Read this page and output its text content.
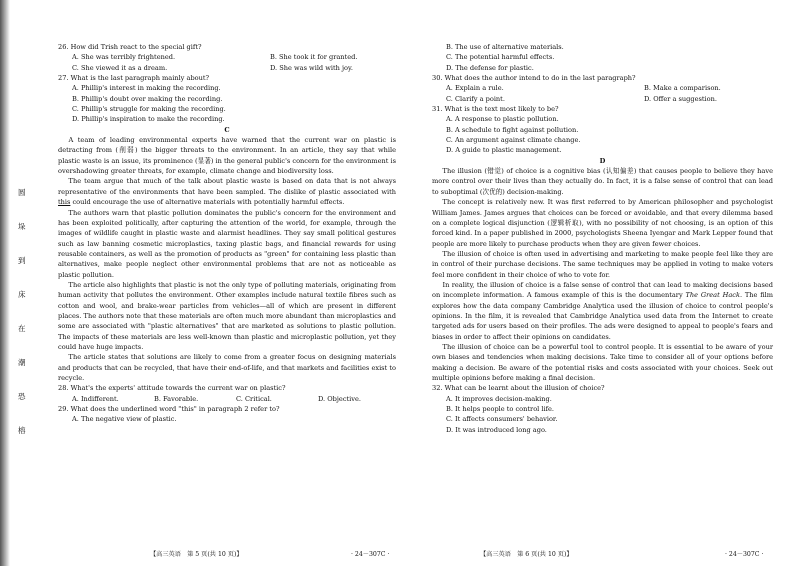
圆
垛
到
床
在
潮
恐
榕
26. How did Trish react to the special gift?
A. She was terribly frightened.	B. She took it for granted.
C. She viewed it as a dream.	D. She was wild with joy.
27. What is the last paragraph mainly about?
A. Phillip's interest in making the recording.
B. Phillip's doubt over making the recording.
C. Phillip's struggle for making the recording.
D. Phillip's inspiration to make the recording.
C

A team of leading environmental experts have warned that the current war on plastic is detracting from (削弱) the bigger threats to the environment. In an article, they say that while plastic waste is an issue, its prominence (显著) in the general public's concern for the environment is overshadowing greater threats, for example, climate change and biodiversity loss.

The team argue that much of the talk about plastic waste is based on data that is not always representative of the environments that have been sampled. The dislike of plastic associated with this could encourage the use of alternative materials with potentially harmful effects.

The authors warn that plastic pollution dominates the public's concern for the environment and has been exploited politically, after capturing the attention of the world, for example, through the images of wildlife caught in plastic waste and alarmist headlines. They say small political gestures such as law banning cosmetic microplastics, taxing plastic bags, and financial rewards for using reusable containers, as well as the promotion of products as "green" for containing less plastic than alternatives, make people neglect other environmental problems that are not as noticeable as plastic pollution.

The article also highlights that plastic is not the only type of polluting materials, originating from human activity that pollutes the environment. Other examples include natural textile fibres such as cotton and wool, and brake-wear particles from vehicles—all of which are present in different places. The authors note that these materials are often much more abundant than microplastics and some are associated with "plastic alternatives" that are marketed as solutions to plastic pollution. The impacts of these materials are less well-known than plastic and microplastic pollution, yet they could have huge impacts.

The article states that solutions are likely to come from a greater focus on designing materials and products that can be recycled, that have their end-of-life, and that markets and facilities exist to recycle.

28. What's the experts' attitude towards the current war on plastic?
A. Indifferent.	B. Favorable.	C. Critical.	D. Objective.
29. What does the underlined word "this" in paragraph 2 refer to?
A. The negative view of plastic.
【高三英语　第 5 页(共 10 页)】	· 24－307C ·
B. The use of alternative materials.
C. The potential harmful effects.
D. The defense for plastic.
30. What does the author intend to do in the last paragraph?
A. Explain a rule.	B. Make a comparison.
C. Clarify a point.	D. Offer a suggestion.
31. What is the text most likely to be?
A. A response to plastic pollution.
B. A schedule to fight against pollution.
C. An argument against climate change.
D. A guide to plastic management.
D

The illusion (错觉) of choice is a cognitive bias (认知偏差) that causes people to believe they have more control over their lives than they actually do. In fact, it is a false sense of control that can lead to suboptimal (次优的) decision-making.

The concept is relatively new. It was first referred to by American philosopher and psychologist William James. James argues that choices can be forced or avoidable, and that every dilemma based on a complete logical disjunction (逻辑析取), with no possibility of not choosing, is an option of this forced kind. In a paper published in 2000, psychologists Sheena Iyengar and Mark Lepper found that people are more likely to purchase products when they are given fewer choices.

The illusion of choice is often used in advertising and marketing to make people feel like they are in control of their purchase decisions. The same techniques may be applied in voting to make voters feel more confident in their choice of who to vote for.

In reality, the illusion of choice is a false sense of control that can lead to making decisions based on incomplete information. A famous example of this is the documentary The Great Hack. The film explores how the data company Cambridge Analytica used the illusion of choice to control people's opinions. In the film, it is revealed that Cambridge Analytica used data from the Internet to create targeted ads for users based on their profiles. The ads were designed to appeal to people's fears and biases in order to affect their opinions on candidates.

The illusion of choice can be a powerful tool to control people. It is essential to be aware of your own biases and tendencies when making decisions. Take time to consider all of your options before making a decision. Be aware of the potential risks and costs associated with your choices. Seek out multiple opinions before making a final decision.

32. What can be learnt about the illusion of choice?
A. It improves decision-making.
B. It helps people to control life.
C. It affects consumers' behavior.
D. It was introduced long ago.
【高三英语　第 6 页(共 10 页)】	· 24－307C ·
